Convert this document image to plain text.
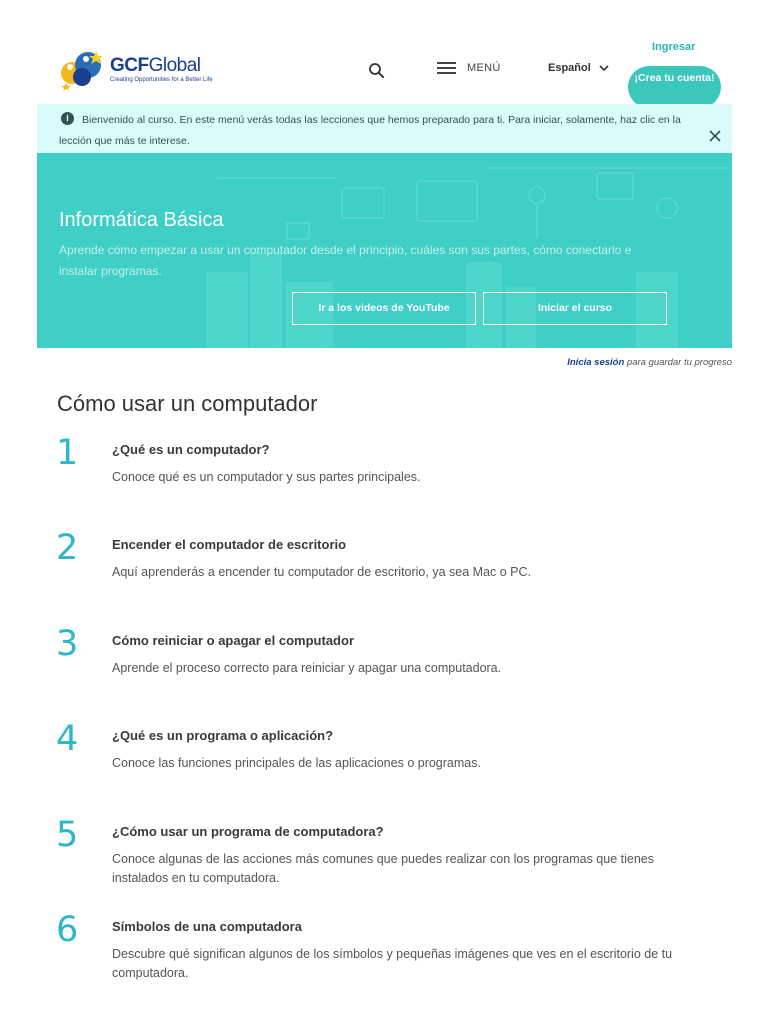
GCFGlobal
Creating Opportunities for a Better Life
MENÚ	Español
Ingresar
¡Crea tu cuenta!
i	Bienvenido al curso. En este menú verás todas las lecciones que hemos preparado para ti. Para iniciar, solamente, haz clic en la lección que más te interese.
Informática Básica
Aprende cómo empezar a usar un computador desde el principio, cuáles son sus partes, cómo conectarlo e instalar programas.
Ir a los videos de YouTube	Iniciar el curso
Inicia sesión para guardar tu progreso
Cómo usar un computador
1	¿Qué es un computador?
Conoce qué es un computador y sus partes principales.
2	Encender el computador de escritorio
Aquí aprenderás a encender tu computador de escritorio, ya sea Mac o PC.
3	Cómo reiniciar o apagar el computador
Aprende el proceso correcto para reiniciar y apagar una computadora.
4	¿Qué es un programa o aplicación?
Conoce las funciones principales de las aplicaciones o programas.
5	¿Cómo usar un programa de computadora?
Conoce algunas de las acciones más comunes que puedes realizar con los programas que tienes instalados en tu computadora.
6	Símbolos de una computadora
Descubre qué significan algunos de los símbolos y pequeñas imágenes que ves en el escritorio de tu computadora.
